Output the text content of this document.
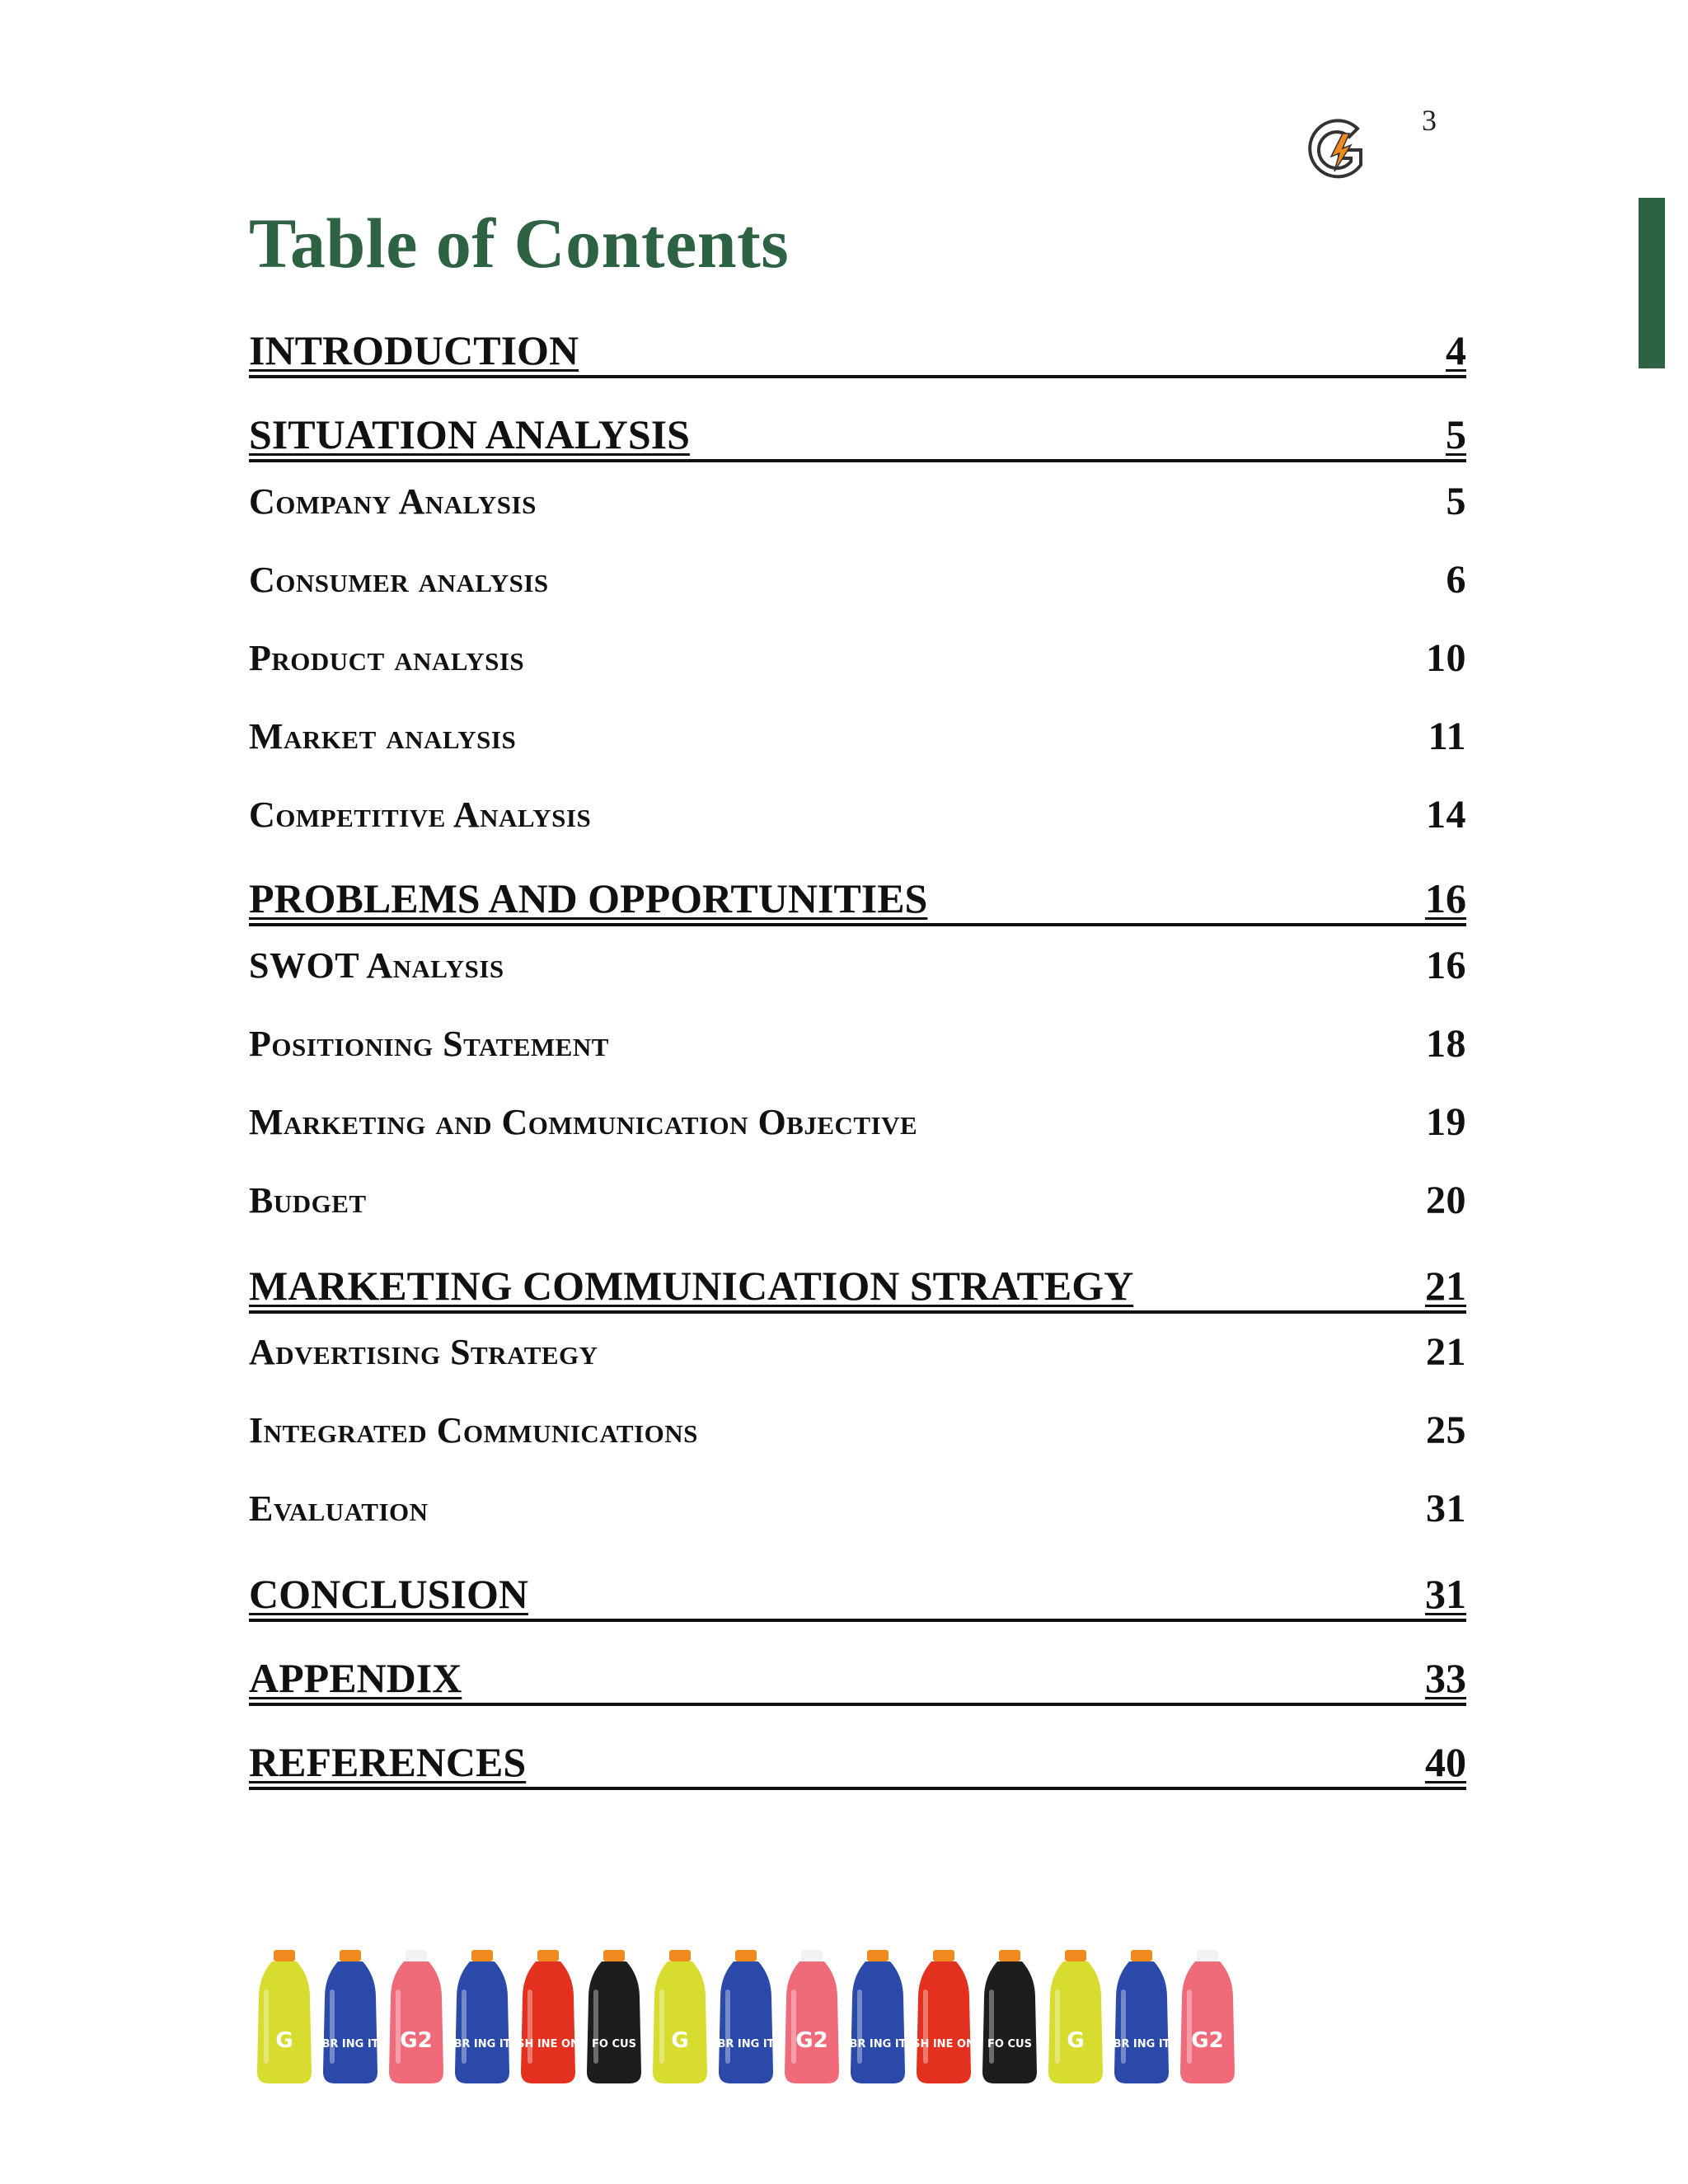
3
Table of Contents
INTRODUCTION	4
SITUATION ANALYSIS	5
Company Analysis	5
Consumer analysis	6
Product analysis	10
Market analysis	11
Competitive Analysis	14
PROBLEMS AND OPPORTUNITIES	16
SWOT Analysis	16
Positioning Statement	18
Marketing and Communication Objective	19
Budget	20
MARKETING COMMUNICATION STRATEGY	21
Advertising Strategy	21
Integrated Communications	25
Evaluation	31
CONCLUSION	31
APPENDIX	33
REFERENCES	40
G	BR ING IT G2 BR ING IT SH INE ON FO CUS G	BR ING IT G2 BR ING IT SH INE ON FO CUS G	BR ING IT G2
